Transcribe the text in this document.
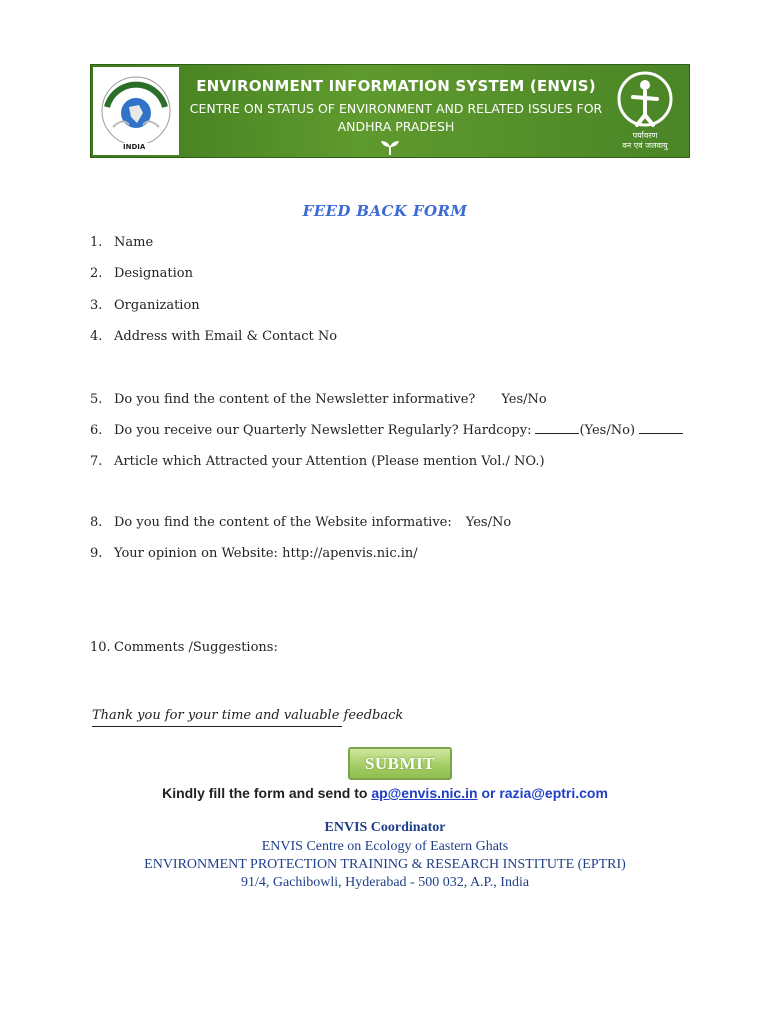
INDIA
ENVIRONMENT INFORMATION SYSTEM (ENVIS)
CENTRE ON STATUS OF ENVIRONMENT AND RELATED ISSUES FOR
ANDHRA PRADESH
पर्यावरण
वन एवं जलवायु
FEED BACK FORM
1. Name
2. Designation
3. Organization
4. Address with Email & Contact No
5. Do you find the content of the Newsletter informative? Yes/No
6. Do you receive our Quarterly Newsletter Regularly? Hardcopy:	(Yes/No)
7. Article which Attracted your Attention (Please mention Vol./ NO.)
8. Do you find the content of the Website informative: Yes/No
9. Your opinion on Website: http://apenvis.nic.in/
10. Comments /Suggestions:
Thank you for your time and valuable feedback
SUBMIT
Kindly fill the form and send to ap@envis.nic.in or razia@eptri.com
ENVIS Coordinator
ENVIS Centre on Ecology of Eastern Ghats
ENVIRONMENT PROTECTION TRAINING & RESEARCH INSTITUTE (EPTRI)
91/4, Gachibowli, Hyderabad - 500 032, A.P., India
